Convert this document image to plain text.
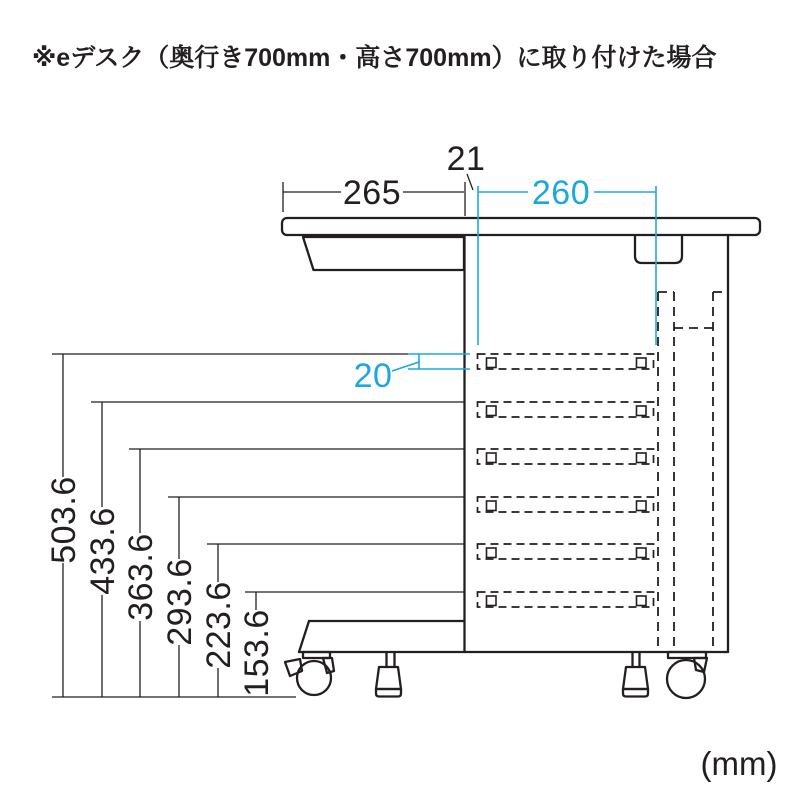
※eデスク（奥行き700mm・高さ700mm）に取り付けた場合
265
21
503.6 433.6 363.6 293.6 223.6 153.6
260
20
(mm)
